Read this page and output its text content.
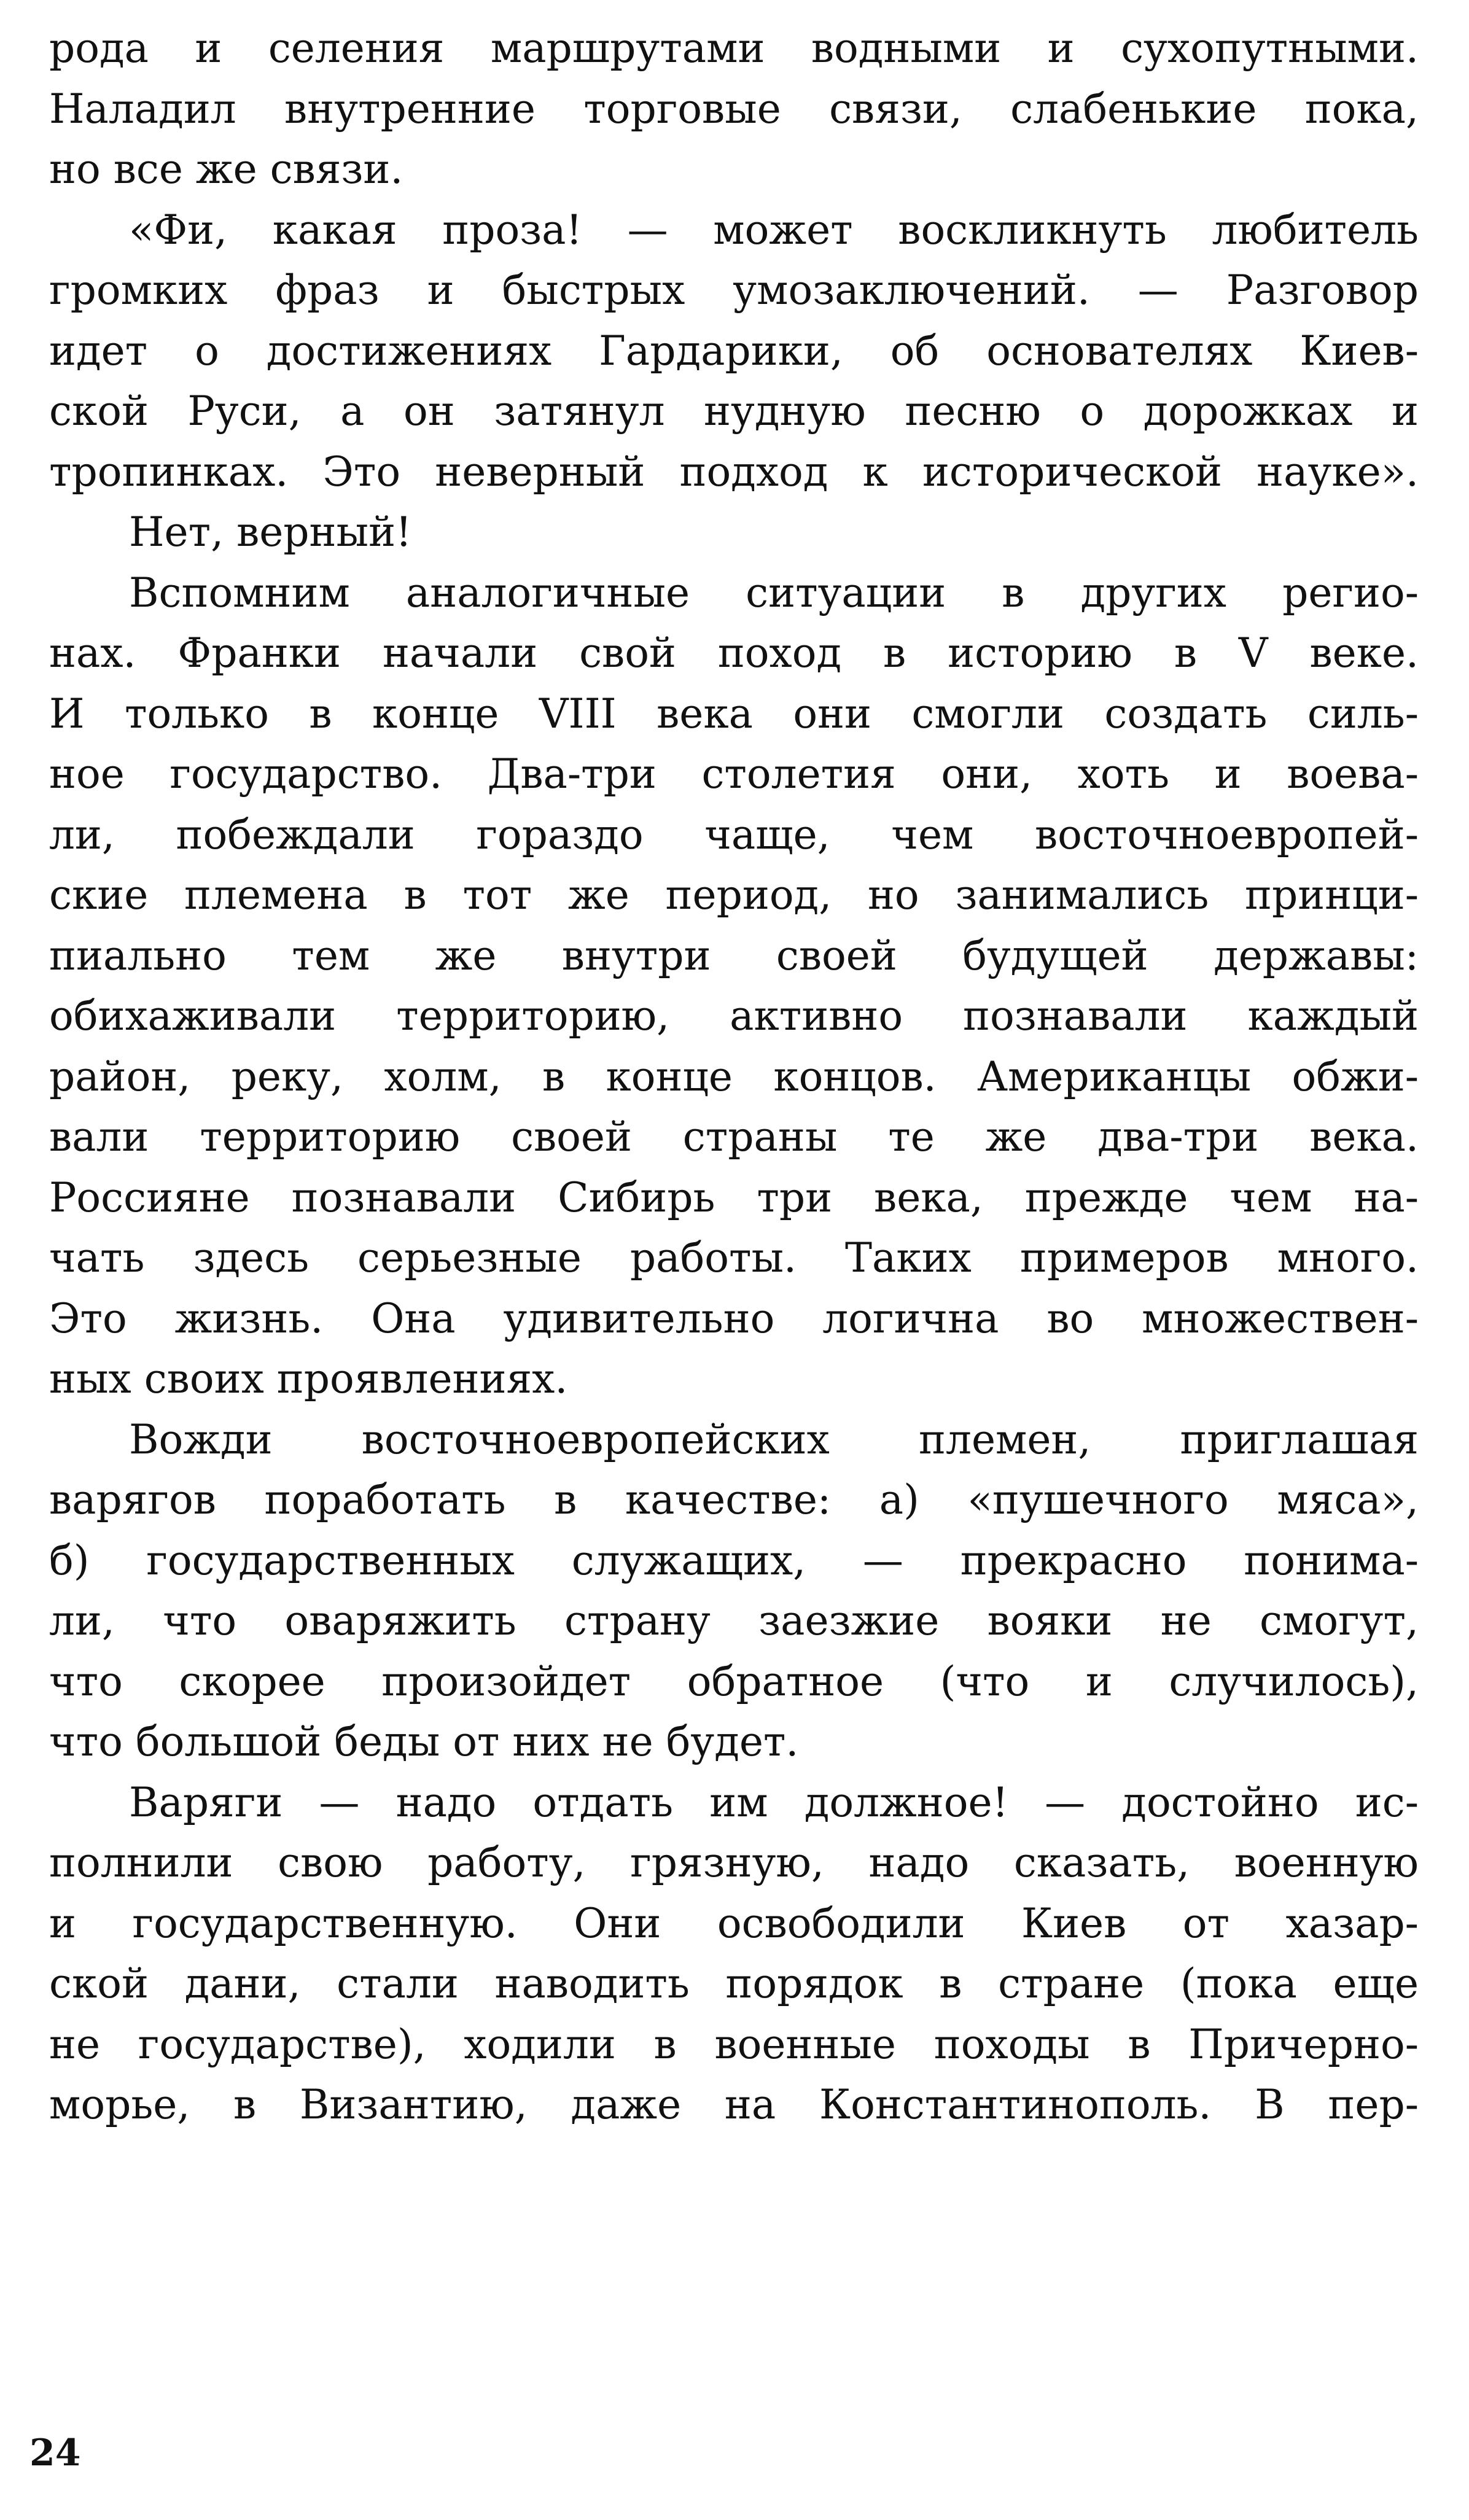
рода и селения маршрутами водными и сухопутными.
Наладил внутренние торговые связи, слабенькие пока,
но все же связи.

«Фи, какая проза! — может воскликнуть любитель
громких фраз и быстрых умозаключений. — Разговор
идет о достижениях Гардарики, об основателях Киев-
ской Руси, а он затянул нудную песню о дорожках и
тропинках. Это неверный подход к исторической науке».

Нет, верный!

Вспомним аналогичные ситуации в других регио-
нах. Франки начали свой поход в историю в V веке.
И только в конце VIII века они смогли создать силь-
ное государство. Два-три столетия они, хоть и воева-
ли, побеждали гораздо чаще, чем восточноевропей-
ские племена в тот же период, но занимались принци-
пиально тем же внутри своей будущей державы:
обихаживали территорию, активно познавали каждый
район, реку, холм, в конце концов. Американцы обжи-
вали территорию своей страны те же два-три века.
Россияне познавали Сибирь три века, прежде чем на-
чать здесь серьезные работы. Таких примеров много.
Это жизнь. Она удивительно логична во множествен-
ных своих проявлениях.

Вожди восточноевропейских племен, приглашая
варягов поработать в качестве: а) «пушечного мяса»,
б) государственных служащих, — прекрасно понима-
ли, что оваряжить страну заезжие вояки не смогут,
что скорее произойдет обратное (что и случилось),
что большой беды от них не будет.

Варяги — надо отдать им должное! — достойно ис-
полнили свою работу, грязную, надо сказать, военную
и государственную. Они освободили Киев от хазар-
ской дани, стали наводить порядок в стране (пока еще
не государстве), ходили в военные походы в Причерно-
морье, в Византию, даже на Константинополь. В пер-

24
